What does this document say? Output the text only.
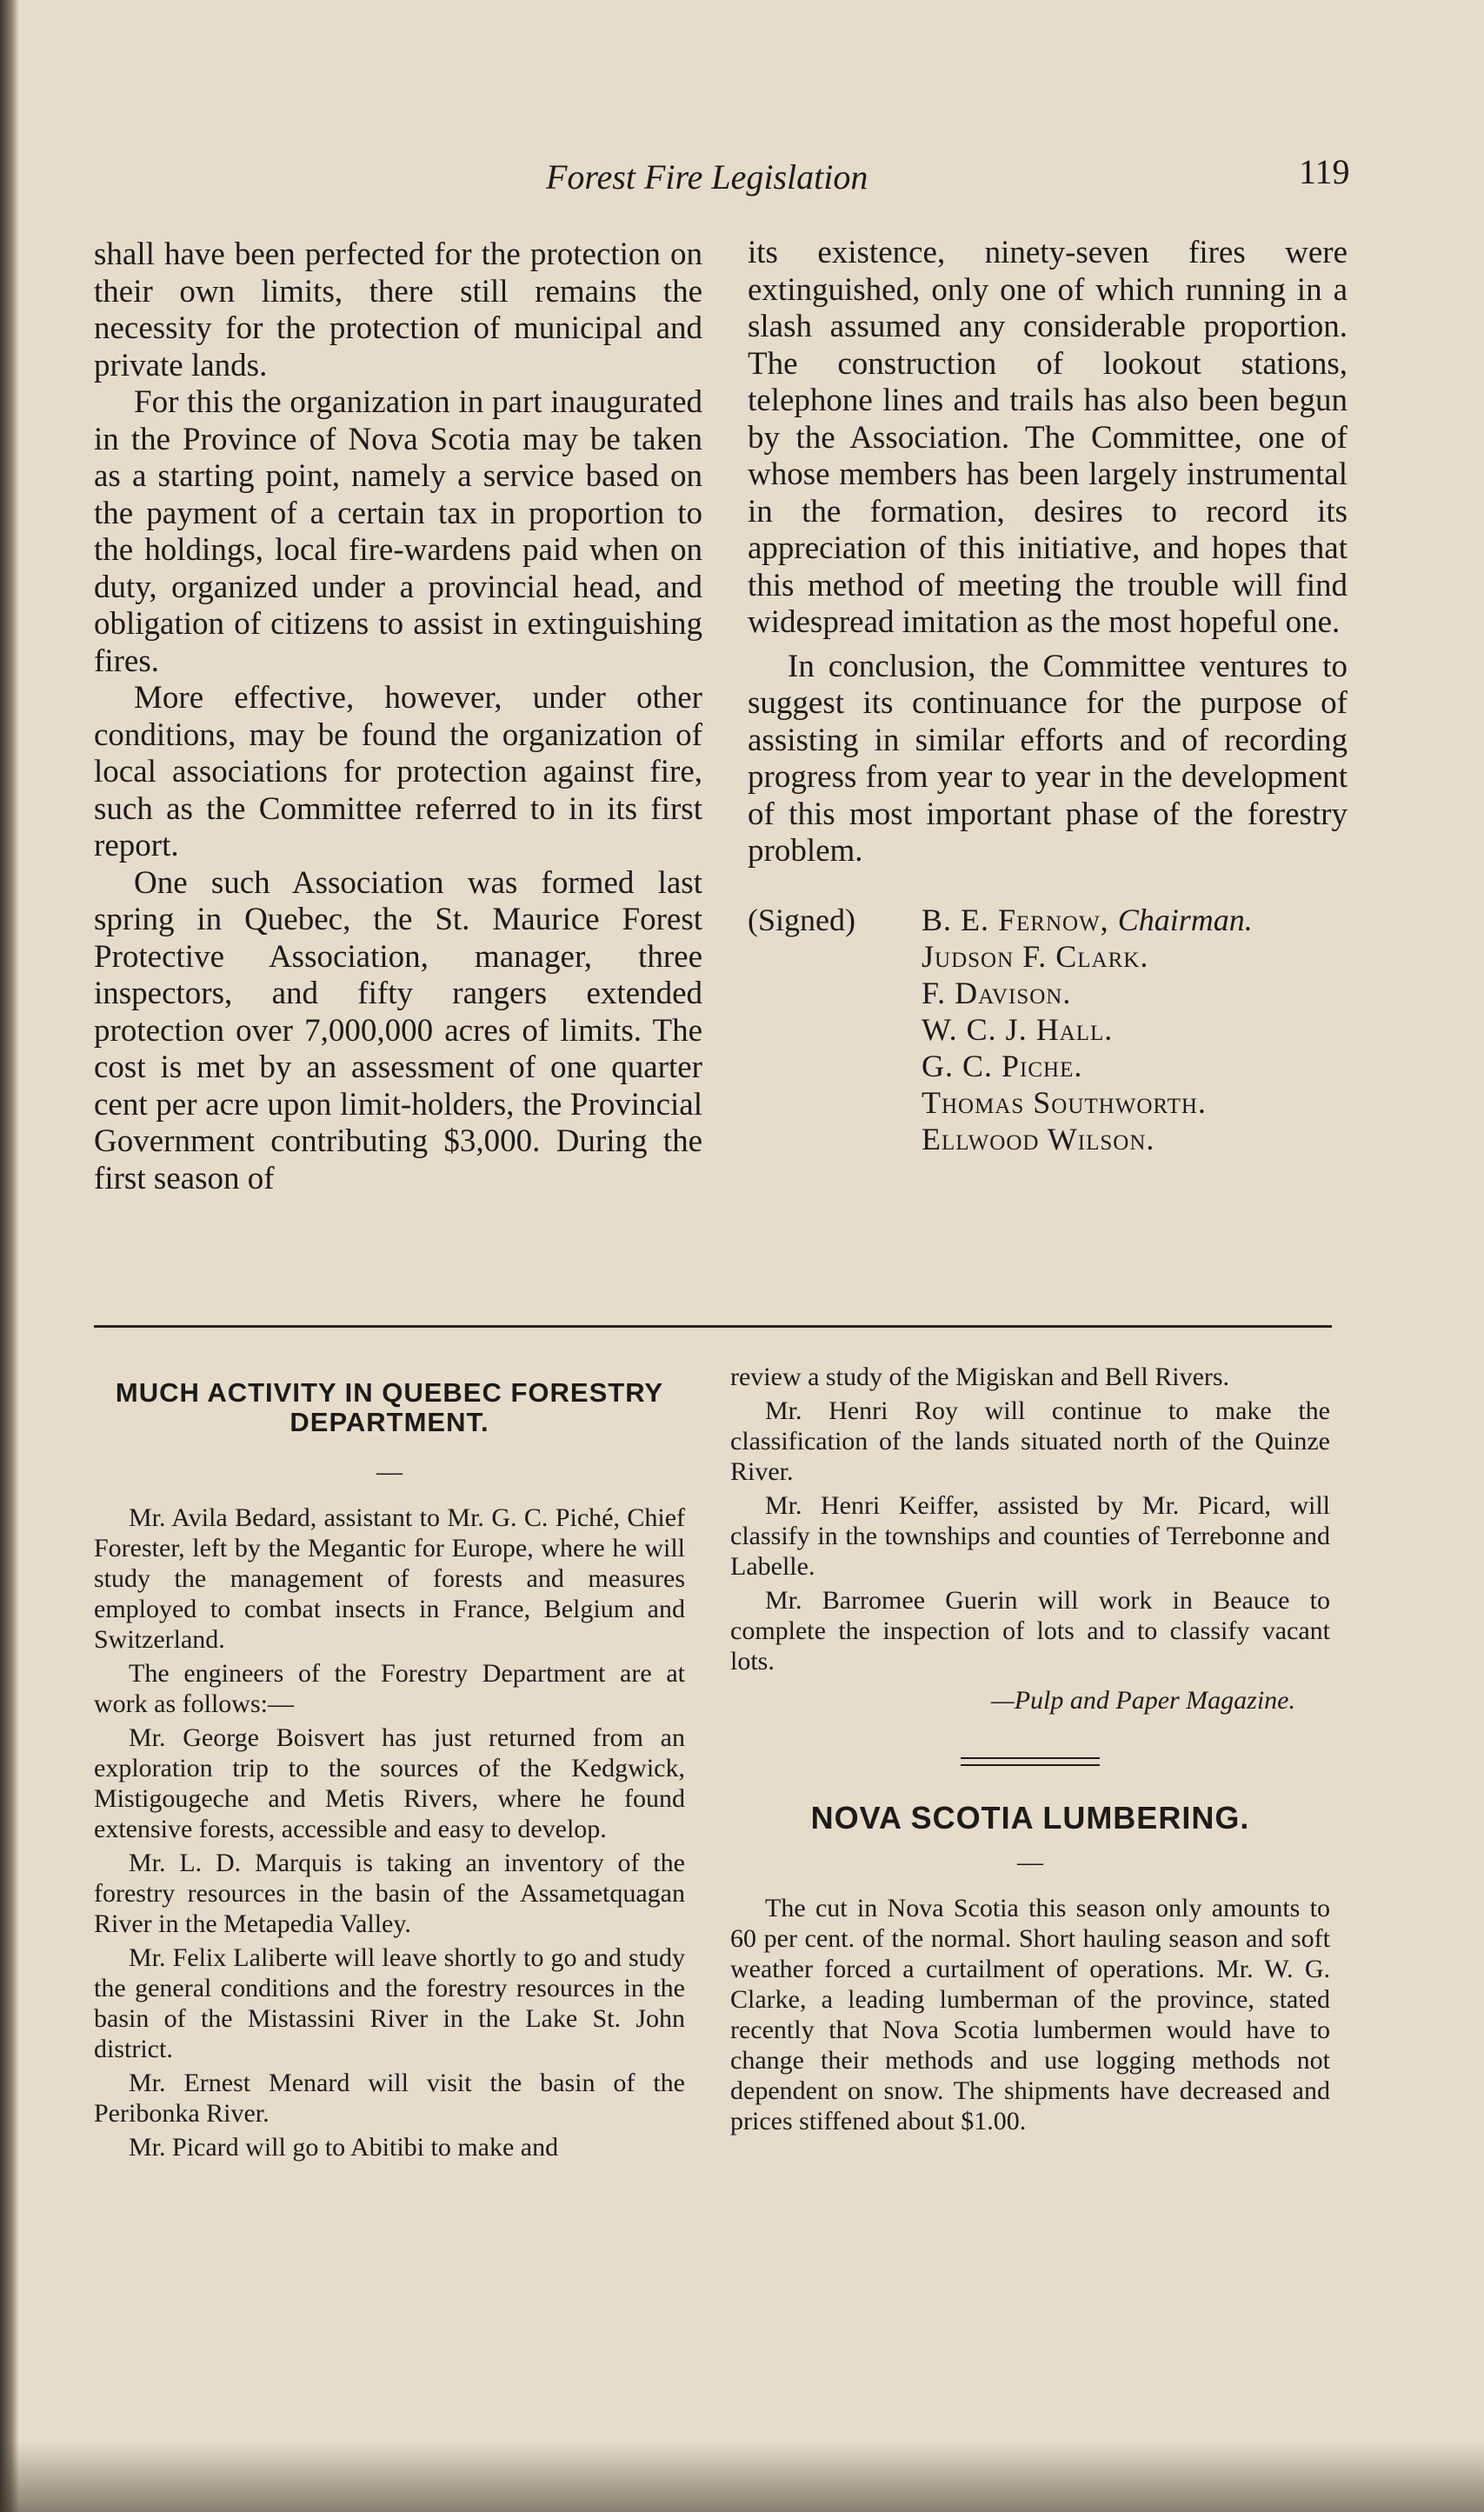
Forest Fire Legislation	119

shall have been perfected for the protection on their own limits, there still remains the necessity for the protection of municipal and private lands.

For this the organization in part inaugurated in the Province of Nova Scotia may be taken as a starting point, namely a service based on the payment of a certain tax in proportion to the holdings, local fire-wardens paid when on duty, organized under a provincial head, and obligation of citizens to assist in extinguishing fires.

More effective, however, under other conditions, may be found the organization of local associations for protection against fire, such as the Committee referred to in its first report.

One such Association was formed last spring in Quebec, the St. Maurice Forest Protective Association, manager, three inspectors, and fifty rangers extended protection over 7,000,000 acres of limits. The cost is met by an assessment of one quarter cent per acre upon limit-holders, the Provincial Government contributing $3,000. During the first season of

its existence, ninety-seven fires were extinguished, only one of which running in a slash assumed any considerable proportion. The construction of lookout stations, telephone lines and trails has also been begun by the Association. The Committee, one of whose members has been largely instrumental in the formation, desires to record its appreciation of this initiative, and hopes that this method of meeting the trouble will find widespread imitation as the most hopeful one.

In conclusion, the Committee ventures to suggest its continuance for the purpose of assisting in similar efforts and of recording progress from year to year in the development of this most important phase of the forestry problem.

(Signed)	B. E. Fernow, Chairman.
Judson F. Clark.
F. Davison.
W. C. J. Hall.
G. C. Piche.
Thomas Southworth.
Ellwood Wilson.
MUCH ACTIVITY IN QUEBEC FORESTRY DEPARTMENT.
—

Mr. Avila Bedard, assistant to Mr. G. C. Piché, Chief Forester, left by the Megantic for Europe, where he will study the management of forests and measures employed to combat insects in France, Belgium and Switzerland.

The engineers of the Forestry Department are at work as follows:—

Mr. George Boisvert has just returned from an exploration trip to the sources of the Kedgwick, Mistigougeche and Metis Rivers, where he found extensive forests, accessible and easy to develop.

Mr. L. D. Marquis is taking an inventory of the forestry resources in the basin of the Assametquagan River in the Metapedia Valley.

Mr. Felix Laliberte will leave shortly to go and study the general conditions and the forestry resources in the basin of the Mistassini River in the Lake St. John district.

Mr. Ernest Menard will visit the basin of the Peribonka River.

Mr. Picard will go to Abitibi to make and

review a study of the Migiskan and Bell Rivers.

Mr. Henri Roy will continue to make the classification of the lands situated north of the Quinze River.

Mr. Henri Keiffer, assisted by Mr. Picard, will classify in the townships and counties of Terrebonne and Labelle.

Mr. Barromee Guerin will work in Beauce to complete the inspection of lots and to classify vacant lots.

—Pulp and Paper Magazine.
NOVA SCOTIA LUMBERING.
—

The cut in Nova Scotia this season only amounts to 60 per cent. of the normal. Short hauling season and soft weather forced a curtailment of operations. Mr. W. G. Clarke, a leading lumberman of the province, stated recently that Nova Scotia lumbermen would have to change their methods and use logging methods not dependent on snow. The shipments have decreased and prices stiffened about $1.00.
